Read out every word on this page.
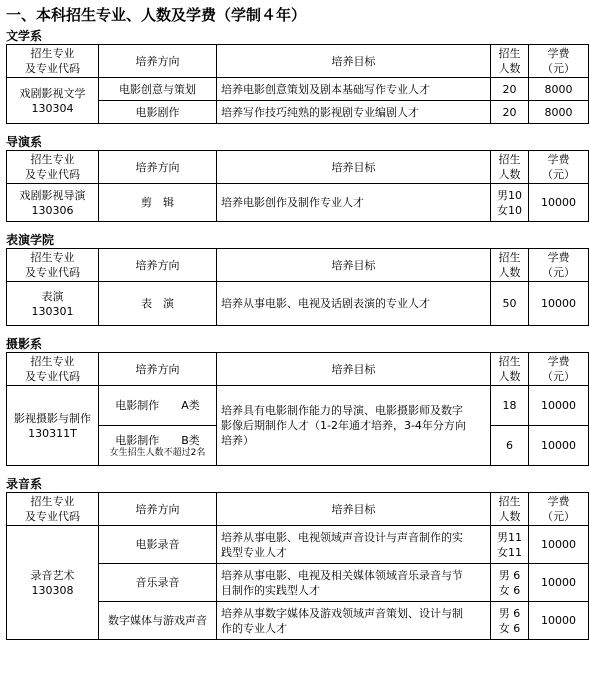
一、本科招生专业、人数及学费（学制４年）
文学系
招生专业
及专业代码	培养方向	培养目标	招生
人数	学费
（元）
戏剧影视文学
130304	电影创意与策划	培养电影创意策划及剧本基础写作专业人才	20	8000
	电影剧作	培养写作技巧纯熟的影视剧专业编剧人才	20	8000
导演系
招生专业
及专业代码	培养方向	培养目标	招生
人数	学费
（元）
戏剧影视导演
130306	剪　辑	培养电影创作及制作专业人才	男10
女10	10000
表演学院
招生专业
及专业代码	培养方向	培养目标	招生
人数	学费
（元）
表演
130301	表　演	培养从事电影、电视及话剧表演的专业人才	50	10000
摄影系
招生专业
及专业代码	培养方向	培养目标	招生
人数	学费
（元）
影视摄影与制作
130311T	电影制作　　A类	培养具有电影制作能力的导演、电影摄影师及数字
影像后期制作人才（1-2年通才培养，3-4年分方向
培养）	18	10000
	电影制作　　B类
女生招生人数不超过2名		6	10000
录音系
招生专业
及专业代码	培养方向	培养目标	招生
人数	学费
（元）
录音艺术
130308	电影录音	培养从事电影、电视领域声音设计与声音制作的实
践型专业人才	男11
女11	10000
	音乐录音	培养从事电影、电视及相关媒体领域音乐录音与节
目制作的实践型人才	男 6
女 6	10000
	数字媒体与游戏声音	培养从事数字媒体及游戏领域声音策划、设计与制
作的专业人才	男 6
女 6	10000
